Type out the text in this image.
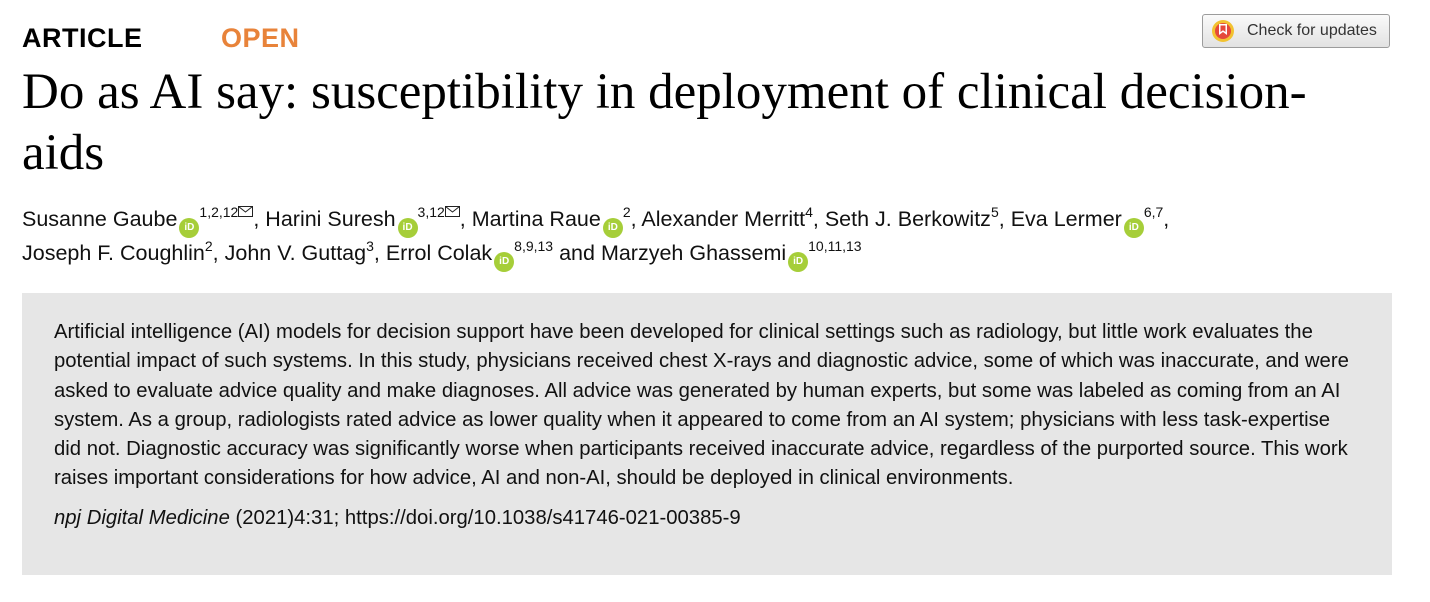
ARTICLE	OPEN	Check for updates
Do as AI say: susceptibility in deployment of clinical decision-aids
Susanne Gaube iD$^{1,2,12}$ , Harini Suresh iD$^{3,12}$ , Martina Raue iD$^2$, Alexander Merritt$^4$, Seth J. Berkowitz$^5$, Eva Lermer iD$^{6,7}$,
Joseph F. Coughlin$^2$, John V. Guttag$^3$, Errol Colak iD$^{8,9,13}$ and Marzyeh Ghassemi iD$^{10,11,13}$

Artificial intelligence (AI) models for decision support have been developed for clinical settings such as radiology, but little work evaluates the potential impact of such systems. In this study, physicians received chest X-rays and diagnostic advice, some of which was inaccurate, and were asked to evaluate advice quality and make diagnoses. All advice was generated by human experts, but some was labeled as coming from an AI system. As a group, radiologists rated advice as lower quality when it appeared to come from an AI system; physicians with less task-expertise did not. Diagnostic accuracy was significantly worse when participants received inaccurate advice, regardless of the purported source. This work raises important considerations for how advice, AI and non-AI, should be deployed in clinical environments.

npj Digital Medicine (2021)4:31; https://doi.org/10.1038/s41746-021-00385-9
